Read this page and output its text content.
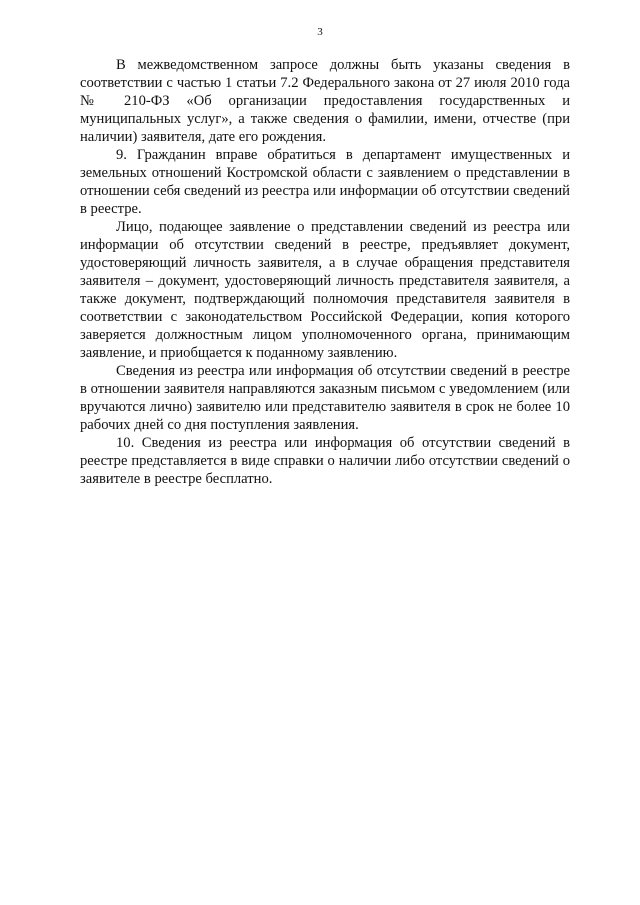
3

В межведомственном запросе должны быть указаны сведения в соответствии с частью 1 статьи 7.2 Федерального закона от 27 июля 2010 года № 210-ФЗ «Об организации предоставления государственных и муниципальных услуг», а также сведения о фамилии, имени, отчестве (при наличии) заявителя, дате его рождения.

9. Гражданин вправе обратиться в департамент имущественных и земельных отношений Костромской области с заявлением о представлении в отношении себя сведений из реестра или информации об отсутствии сведений в реестре.

Лицо, подающее заявление о представлении сведений из реестра или информации об отсутствии сведений в реестре, предъявляет документ, удостоверяющий личность заявителя, а в случае обращения представителя заявителя – документ, удостоверяющий личность представителя заявителя, а также документ, подтверждающий полномочия представителя заявителя в соответствии с законодательством Российской Федерации, копия которого заверяется должностным лицом уполномоченного органа, принимающим заявление, и приобщается к поданному заявлению.

Сведения из реестра или информация об отсутствии сведений в реестре в отношении заявителя направляются заказным письмом с уведомлением (или вручаются лично) заявителю или представителю заявителя в срок не более 10 рабочих дней со дня поступления заявления.

10. Сведения из реестра или информация об отсутствии сведений в реестре представляется в виде справки о наличии либо отсутствии сведений о заявителе в реестре бесплатно.
